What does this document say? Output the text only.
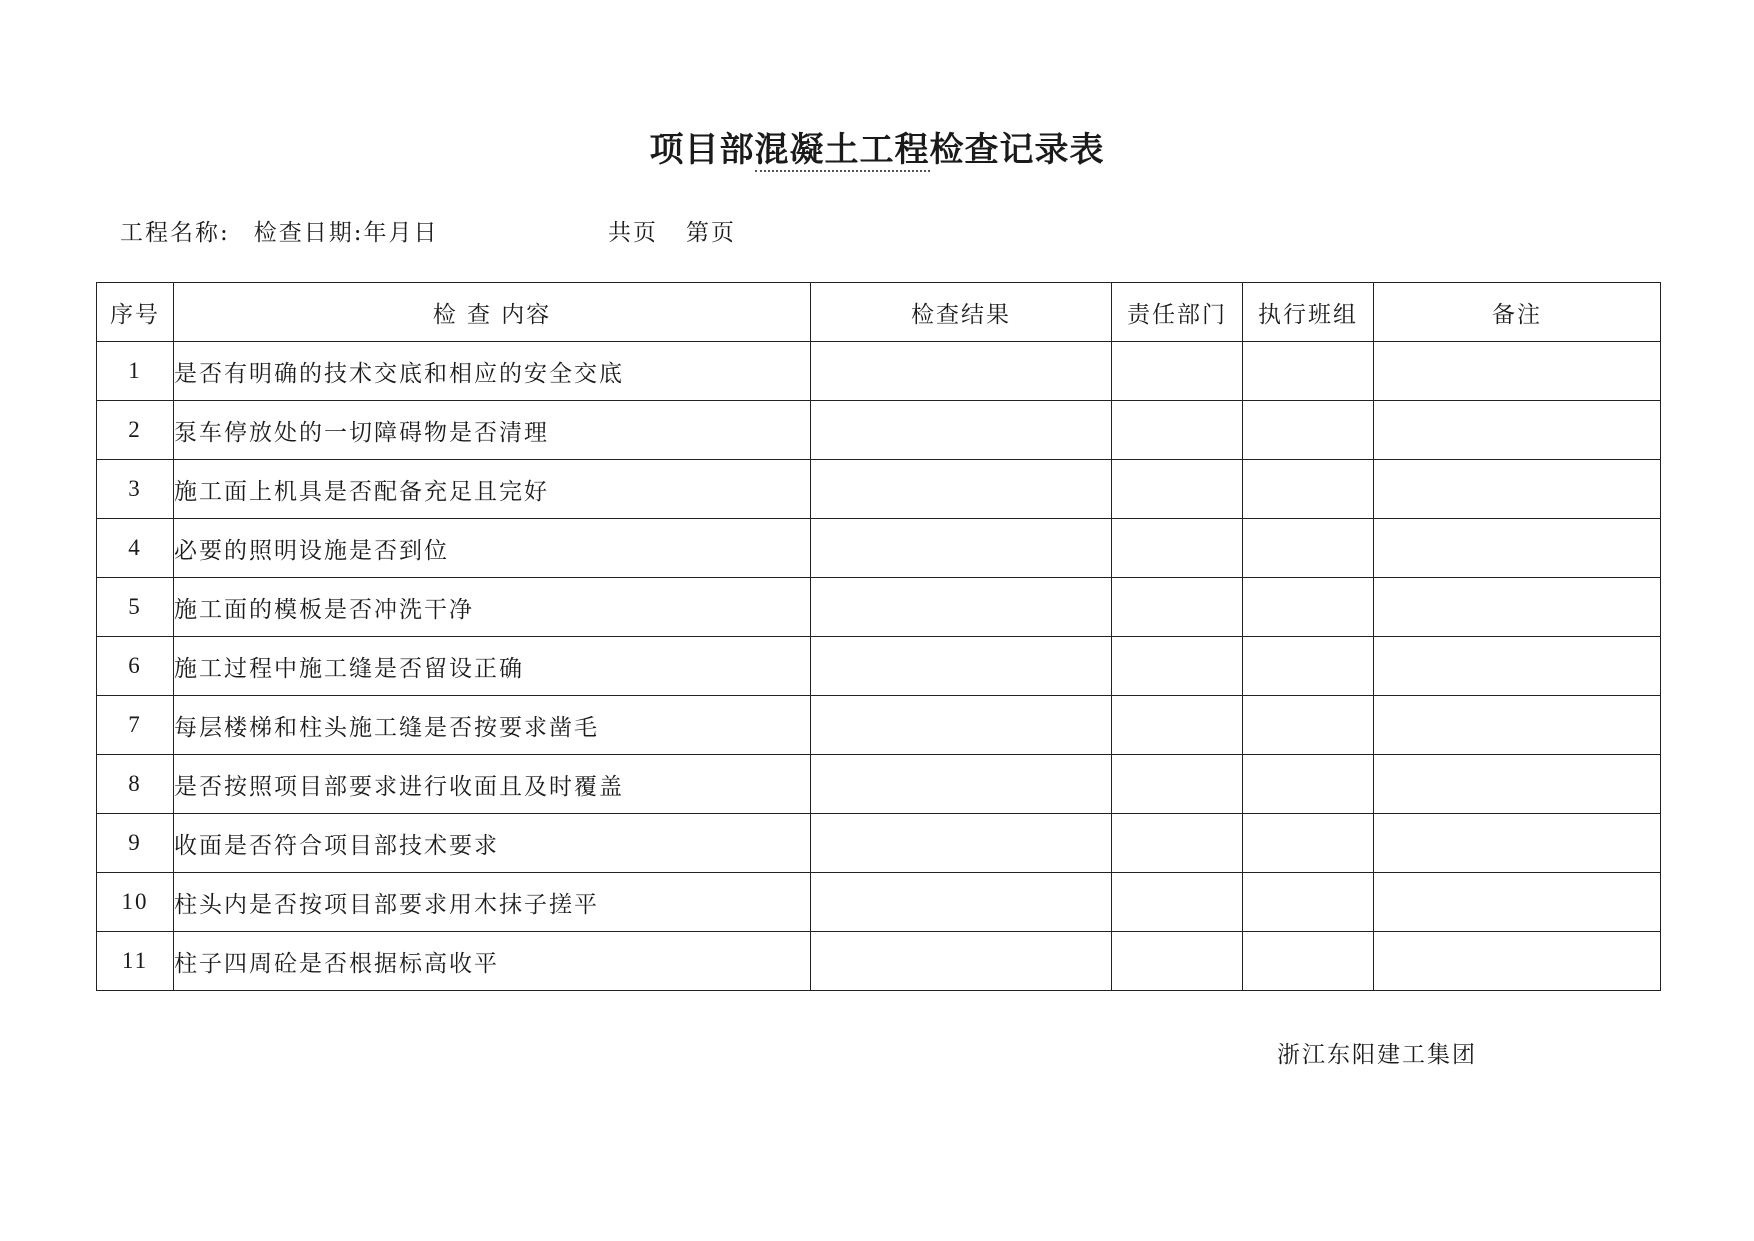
项目部混凝土工程检查记录表
工程名称: 检查日期:年月日	共页 第页
序号	检 查 内容	检查结果	责任部门	执行班组	备注
1	是否有明确的技术交底和相应的安全交底				
2	泵车停放处的一切障碍物是否清理				
3	施工面上机具是否配备充足且完好				
4	必要的照明设施是否到位				
5	施工面的模板是否冲洗干净				
6	施工过程中施工缝是否留设正确				
7	每层楼梯和柱头施工缝是否按要求凿毛				
8	是否按照项目部要求进行收面且及时覆盖				
9	收面是否符合项目部技术要求				
10	柱头内是否按项目部要求用木抹子搓平				
11	柱子四周砼是否根据标高收平				
浙江东阳建工集团
